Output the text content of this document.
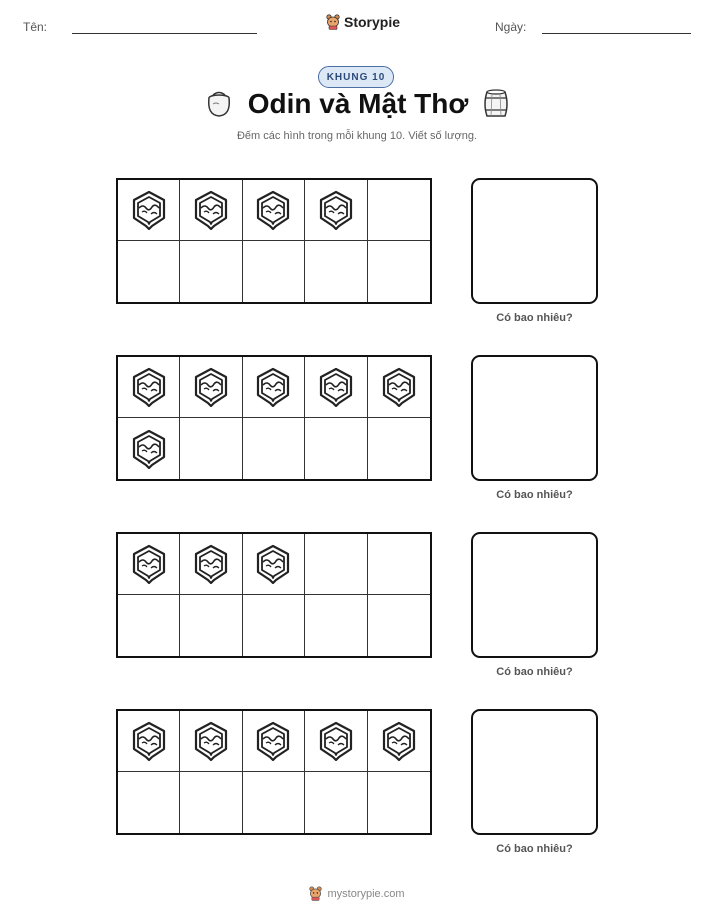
Tên:	Storypie	Ngày:
KHUNG 10
Odin và Mật Thơ
Đếm các hình trong mỗi khung 10. Viết số lượng.
Có bao nhiêu?
Có bao nhiêu?
Có bao nhiêu?
Có bao nhiêu?
mystorypie.com
